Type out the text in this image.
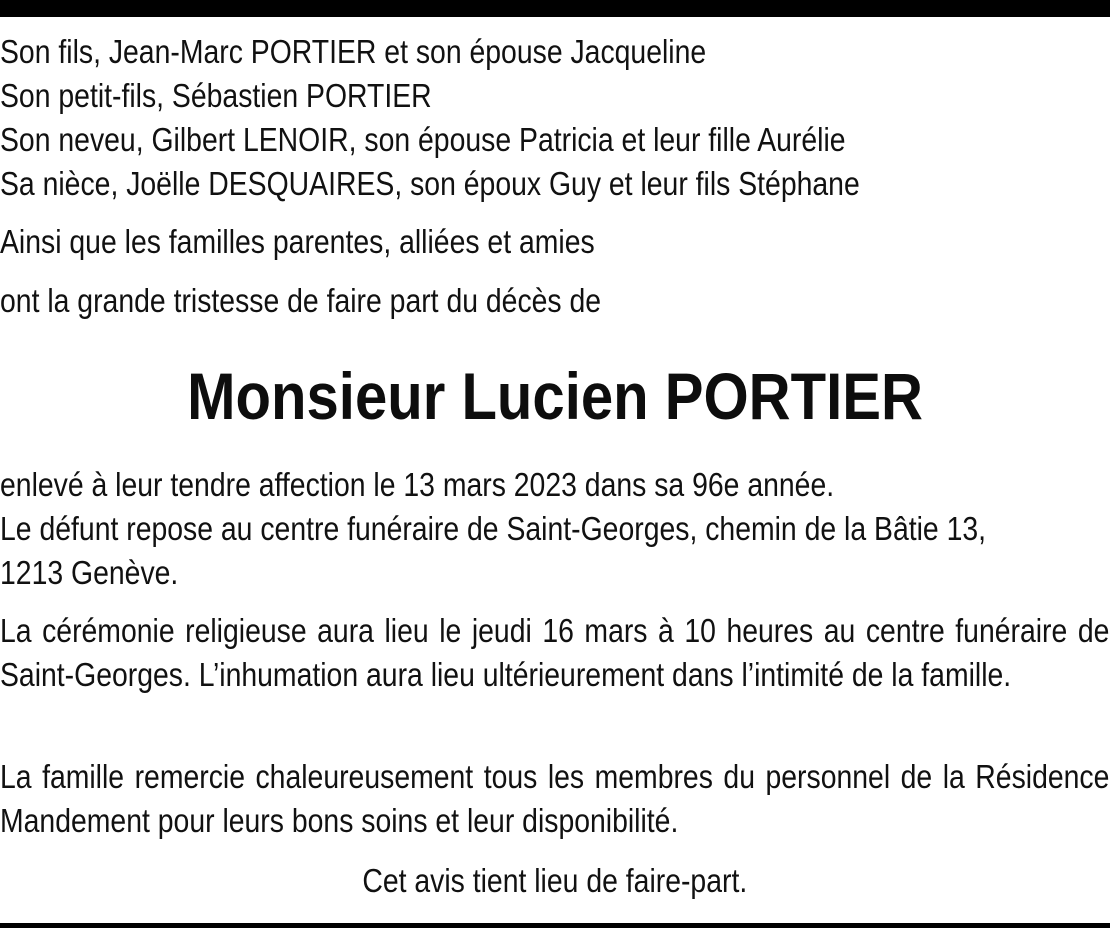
Son fils, Jean-Marc PORTIER et son épouse Jacqueline
Son petit-fils, Sébastien PORTIER
Son neveu, Gilbert LENOIR, son épouse Patricia et leur fille Aurélie
Sa nièce, Joëlle DESQUAIRES, son époux Guy et leur fils Stéphane
Ainsi que les familles parentes, alliées et amies
ont la grande tristesse de faire part du décès de
Monsieur Lucien PORTIER
enlevé à leur tendre affection le 13 mars 2023 dans sa 96e année.
Le défunt repose au centre funéraire de Saint-Georges, chemin de la Bâtie 13,
1213 Genève.

La cérémonie religieuse aura lieu le jeudi 16 mars à 10 heures au centre funéraire de Saint-Georges. L’inhumation aura lieu ultérieurement dans l’intimité de la famille.

La famille remercie chaleureusement tous les membres du personnel de la Résidence Mandement pour leurs bons soins et leur disponibilité.

Cet avis tient lieu de faire-part.
